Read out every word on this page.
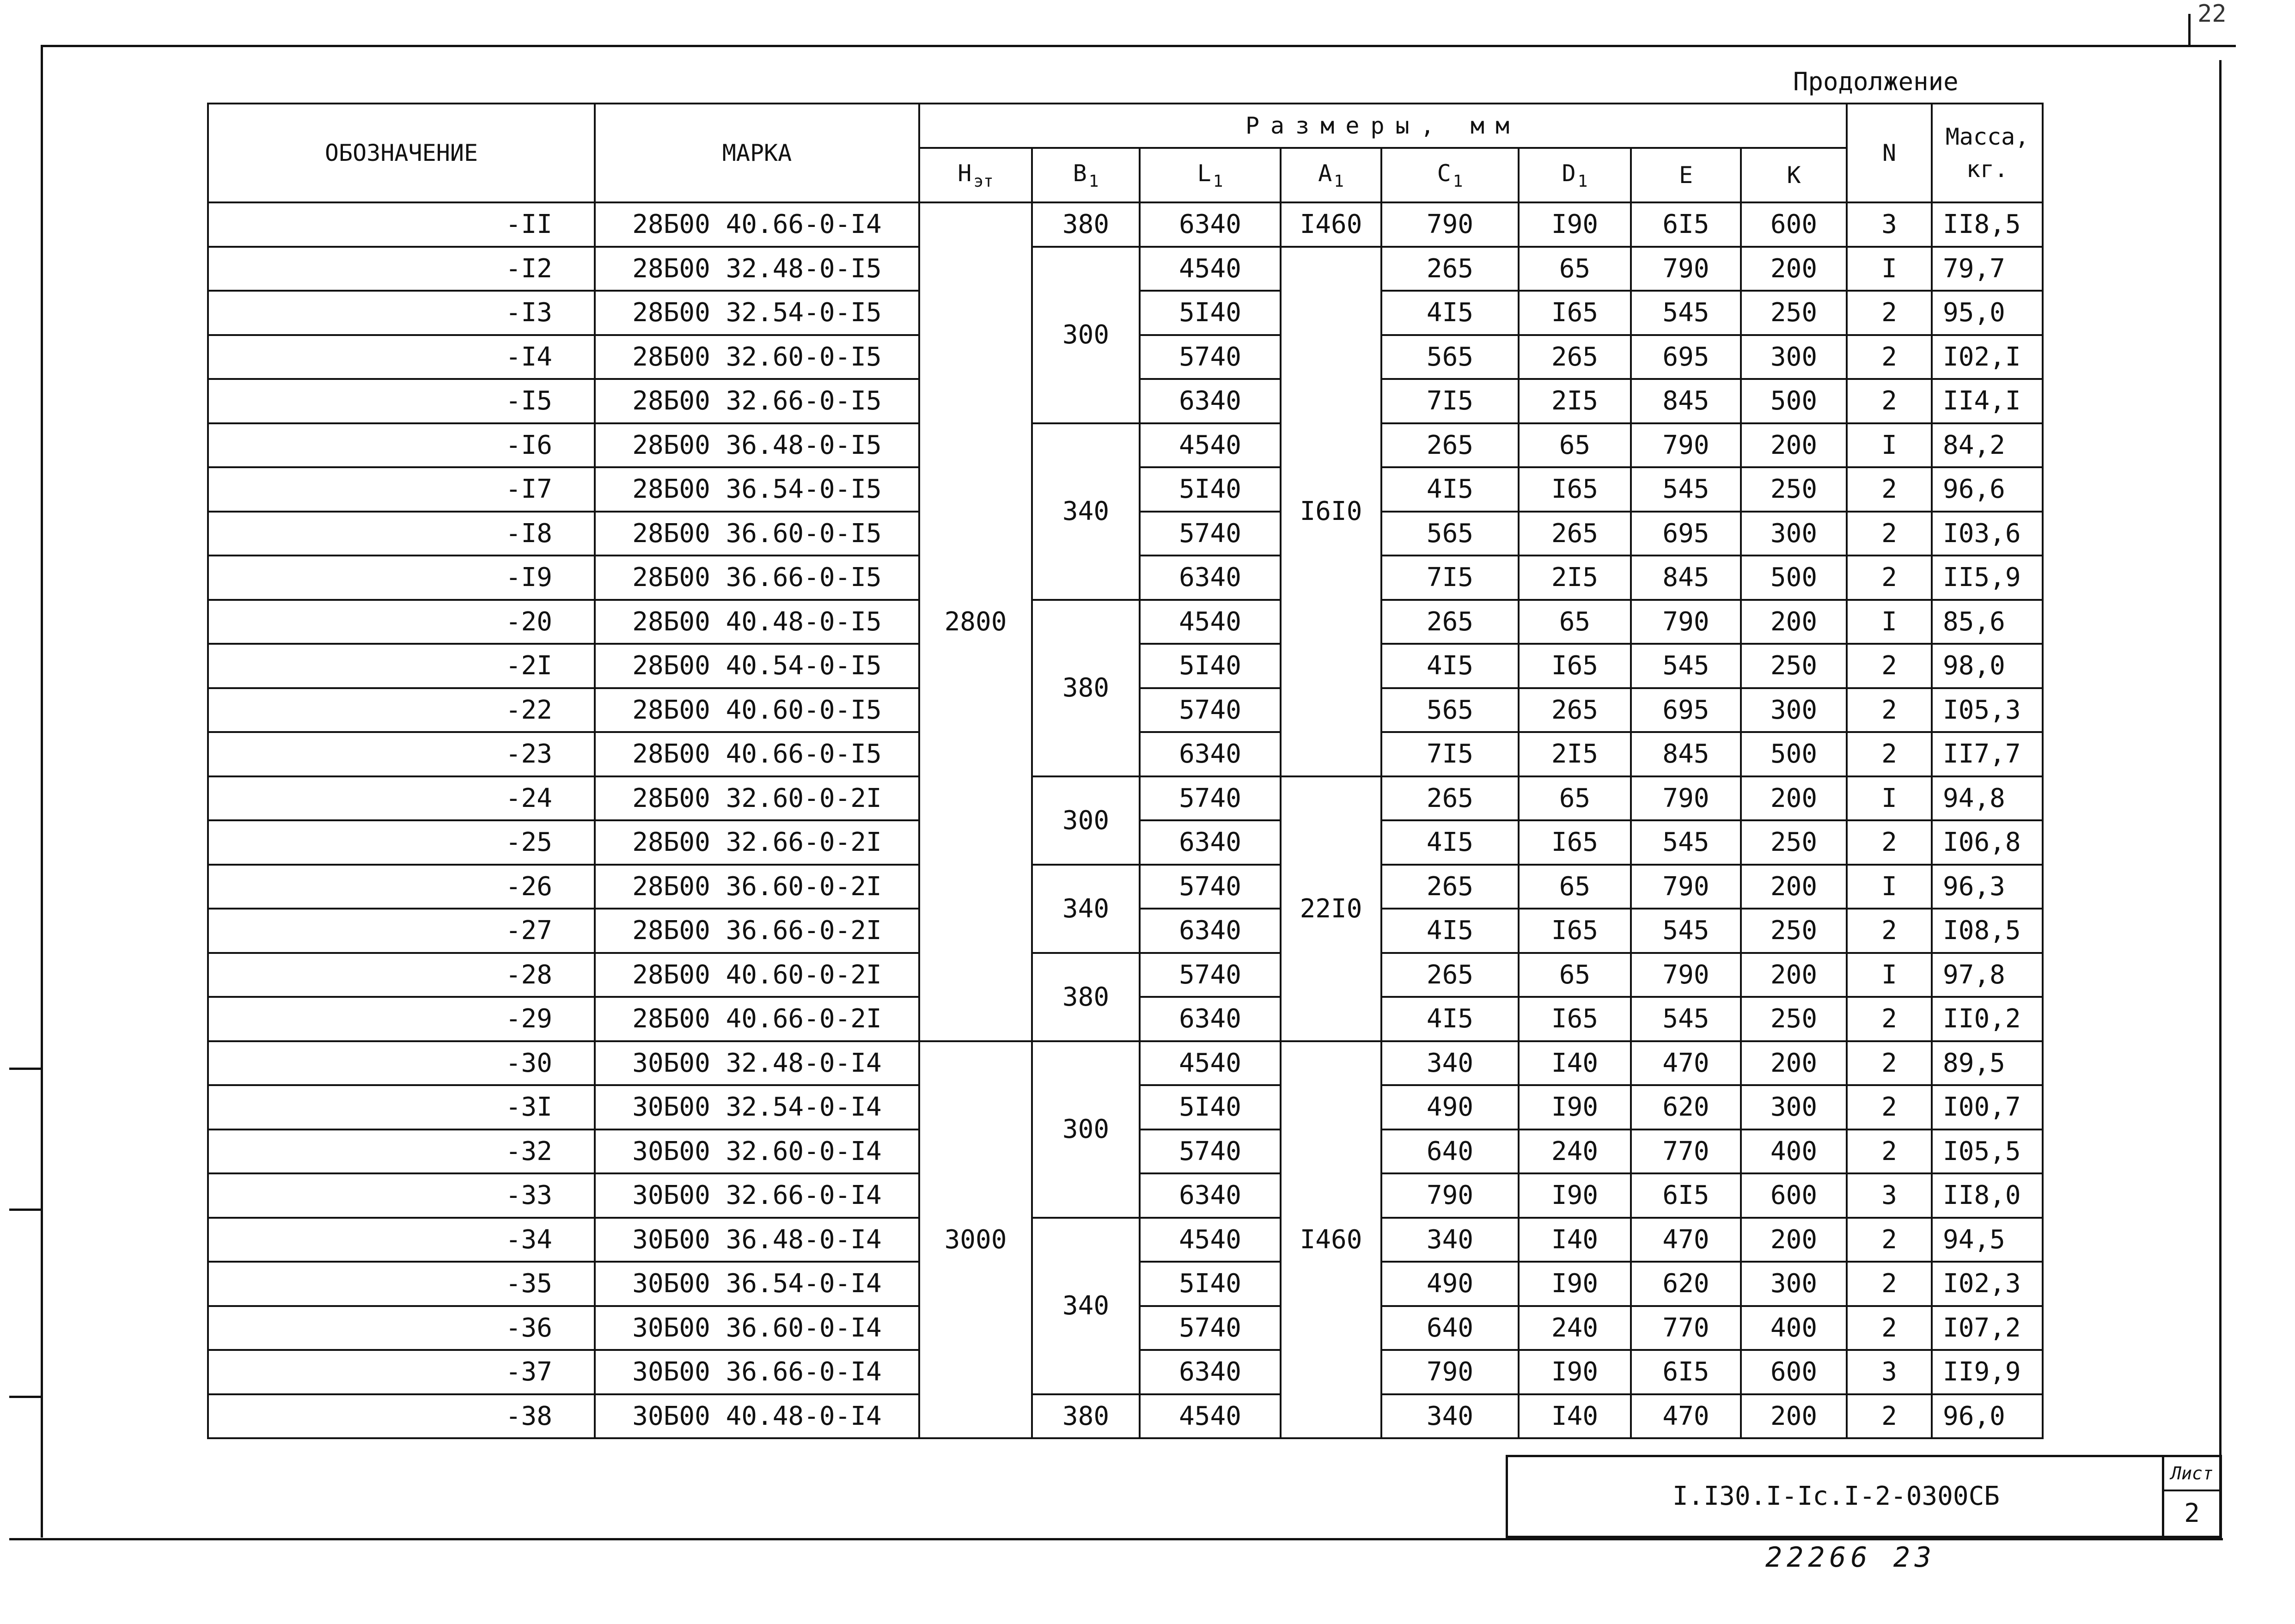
22
Продолжение
ОБОЗНАЧЕНИЕ	МАРКА	Размеры, мм								N	Масса, кг.
		H $_{эт}$	B $_1$	L $_1$	A $_1$	C $_1$	D $_1$	E	K		
-II	28Б00 40.66-0-I4	2800	380	6340	I460	790	I90	6I5	600	3	II8,5
-I2	28Б00 32.48-0-I5		300	4540	I6I0	265	65	790	200	I	79,7
-I3	28Б00 32.54-0-I5			5I40		4I5	I65	545	250	2	95,0
-I4	28Б00 32.60-0-I5			5740		565	265	695	300	2	I02,I
-I5	28Б00 32.66-0-I5			6340		7I5	2I5	845	500	2	II4,I
-I6	28Б00 36.48-0-I5		340	4540		265	65	790	200	I	84,2
-I7	28Б00 36.54-0-I5			5I40		4I5	I65	545	250	2	96,6
-I8	28Б00 36.60-0-I5			5740		565	265	695	300	2	I03,6
-I9	28Б00 36.66-0-I5			6340		7I5	2I5	845	500	2	II5,9
-20	28Б00 40.48-0-I5		380	4540		265	65	790	200	I	85,6
-2I	28Б00 40.54-0-I5			5I40		4I5	I65	545	250	2	98,0
-22	28Б00 40.60-0-I5			5740		565	265	695	300	2	I05,3
-23	28Б00 40.66-0-I5			6340		7I5	2I5	845	500	2	II7,7
-24	28Б00 32.60-0-2I		300	5740	22I0	265	65	790	200	I	94,8
-25	28Б00 32.66-0-2I			6340		4I5	I65	545	250	2	I06,8
-26	28Б00 36.60-0-2I		340	5740		265	65	790	200	I	96,3
-27	28Б00 36.66-0-2I			6340		4I5	I65	545	250	2	I08,5
-28	28Б00 40.60-0-2I		380	5740		265	65	790	200	I	97,8
-29	28Б00 40.66-0-2I			6340		4I5	I65	545	250	2	II0,2
-30	30Б00 32.48-0-I4	3000	300	4540	I460	340	I40	470	200	2	89,5
-3I	30Б00 32.54-0-I4			5I40		490	I90	620	300	2	I00,7
-32	30Б00 32.60-0-I4			5740		640	240	770	400	2	I05,5
-33	30Б00 32.66-0-I4			6340		790	I90	6I5	600	3	II8,0
-34	30Б00 36.48-0-I4		340	4540		340	I40	470	200	2	94,5
-35	30Б00 36.54-0-I4			5I40		490	I90	620	300	2	I02,3
-36	30Б00 36.60-0-I4			5740		640	240	770	400	2	I07,2
-37	30Б00 36.66-0-I4			6340		790	I90	6I5	600	3	II9,9
-38	30Б00 40.48-0-I4		380	4540		340	I40	470	200	2	96,0
I.I30.I-Ic.I-2-0300СБ
Лист
2
22266 23
